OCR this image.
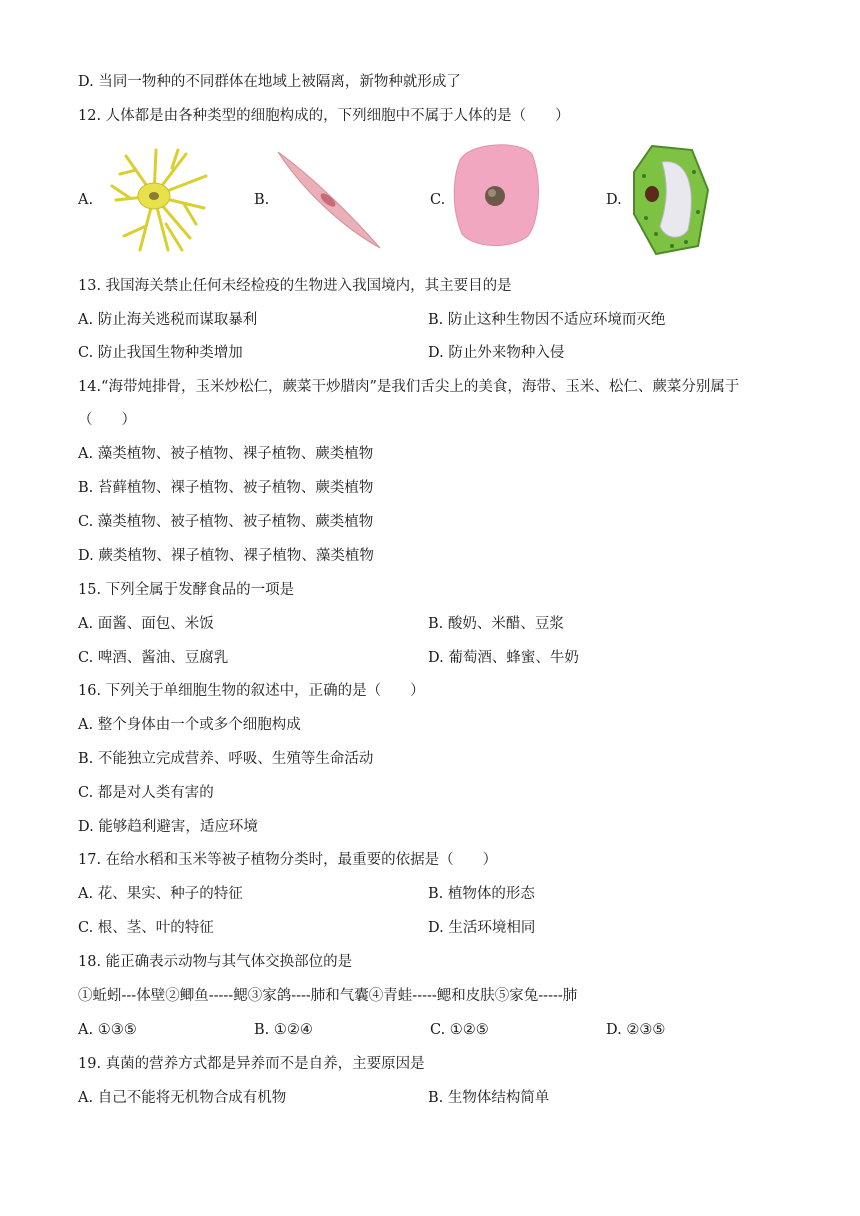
D. 当同一物种的不同群体在地域上被隔离，新物种就形成了
12. 人体都是由各种类型的细胞构成的，下列细胞中不属于人体的是（　　）
A.	B.	C.	D.
13. 我国海关禁止任何未经检疫的生物进入我国境内，其主要目的是
A. 防止海关逃税而谋取暴利	B. 防止这种生物因不适应环境而灭绝
C. 防止我国生物种类增加	D. 防止外来物种入侵
14.“海带炖排骨，玉米炒松仁，蕨菜干炒腊肉”是我们舌尖上的美食，海带、玉米、松仁、蕨菜分别属于
（　　）
A. 藻类植物、被子植物、裸子植物、蕨类植物
B. 苔藓植物、裸子植物、被子植物、蕨类植物
C. 藻类植物、被子植物、被子植物、蕨类植物
D. 蕨类植物、裸子植物、裸子植物、藻类植物
15. 下列全属于发酵食品的一项是
A. 面酱、面包、米饭	B. 酸奶、米醋、豆浆
C. 啤酒、酱油、豆腐乳	D. 葡萄酒、蜂蜜、牛奶
16. 下列关于单细胞生物的叙述中，正确的是（　　）
A. 整个身体由一个或多个细胞构成
B. 不能独立完成营养、呼吸、生殖等生命活动
C. 都是对人类有害的
D. 能够趋利避害，适应环境
17. 在给水稻和玉米等被子植物分类时，最重要的依据是（　　）
A. 花、果实、种子的特征	B. 植物体的形态
C. 根、茎、叶的特征	D. 生活环境相同
18. 能正确表示动物与其气体交换部位的是
①蚯蚓---体壁②鲫鱼-----鳃③家鸽----肺和气囊④青蛙-----鳃和皮肤⑤家兔-----肺
A. ①③⑤	B. ①②④	C. ①②⑤	D. ②③⑤
19. 真菌的营养方式都是异养而不是自养，主要原因是
A. 自己不能将无机物合成有机物	B. 生物体结构简单
